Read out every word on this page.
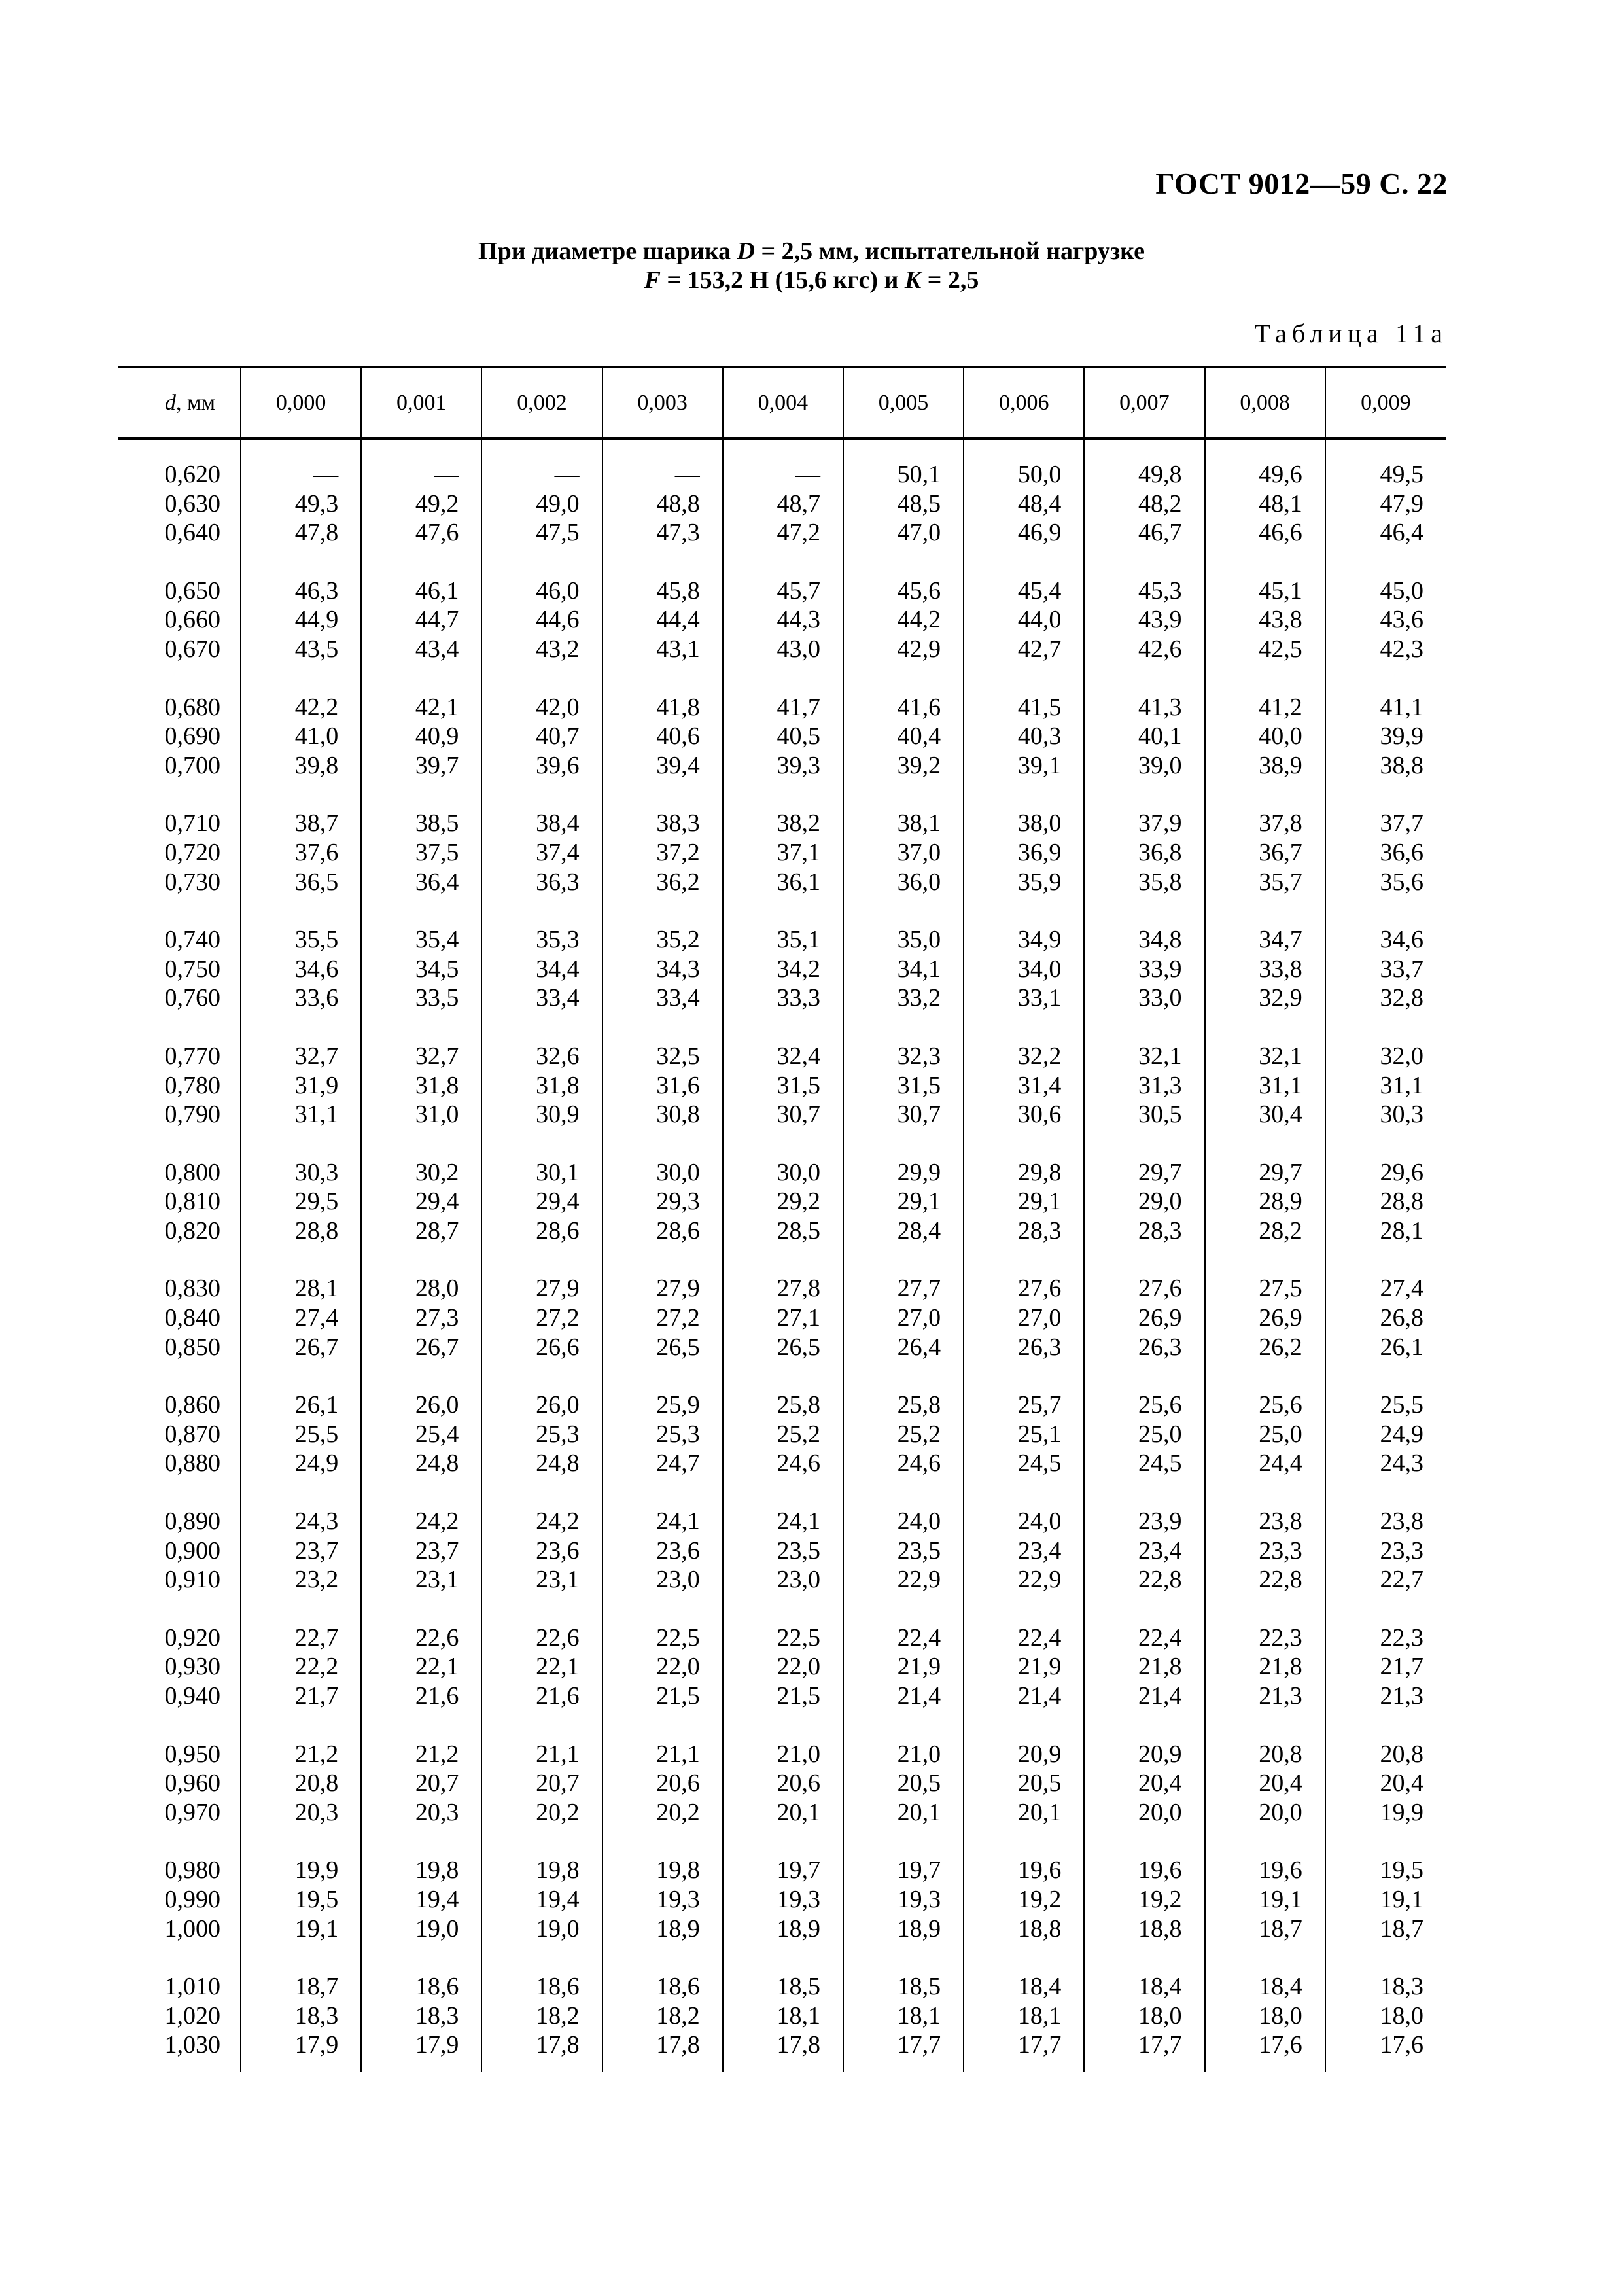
ГОСТ 9012—59 С. 22
При диаметре шарика D = 2,5 мм, испытательной нагрузке
F = 153,2 Н (15,6 кгс) и K = 2,5
Таблица 11а
d, мм	0,000	0,001	0,002	0,003	0,004	0,005	0,006	0,007	0,008	0,009
0,620	—	—	—	—	—	50,1	50,0	49,8	49,6	49,5
0,630	49,3	49,2	49,0	48,8	48,7	48,5	48,4	48,2	48,1	47,9
0,640	47,8	47,6	47,5	47,3	47,2	47,0	46,9	46,7	46,6	46,4
0,650	46,3	46,1	46,0	45,8	45,7	45,6	45,4	45,3	45,1	45,0
0,660	44,9	44,7	44,6	44,4	44,3	44,2	44,0	43,9	43,8	43,6
0,670	43,5	43,4	43,2	43,1	43,0	42,9	42,7	42,6	42,5	42,3
0,680	42,2	42,1	42,0	41,8	41,7	41,6	41,5	41,3	41,2	41,1
0,690	41,0	40,9	40,7	40,6	40,5	40,4	40,3	40,1	40,0	39,9
0,700	39,8	39,7	39,6	39,4	39,3	39,2	39,1	39,0	38,9	38,8
0,710	38,7	38,5	38,4	38,3	38,2	38,1	38,0	37,9	37,8	37,7
0,720	37,6	37,5	37,4	37,2	37,1	37,0	36,9	36,8	36,7	36,6
0,730	36,5	36,4	36,3	36,2	36,1	36,0	35,9	35,8	35,7	35,6
0,740	35,5	35,4	35,3	35,2	35,1	35,0	34,9	34,8	34,7	34,6
0,750	34,6	34,5	34,4	34,3	34,2	34,1	34,0	33,9	33,8	33,7
0,760	33,6	33,5	33,4	33,4	33,3	33,2	33,1	33,0	32,9	32,8
0,770	32,7	32,7	32,6	32,5	32,4	32,3	32,2	32,1	32,1	32,0
0,780	31,9	31,8	31,8	31,6	31,5	31,5	31,4	31,3	31,1	31,1
0,790	31,1	31,0	30,9	30,8	30,7	30,7	30,6	30,5	30,4	30,3
0,800	30,3	30,2	30,1	30,0	30,0	29,9	29,8	29,7	29,7	29,6
0,810	29,5	29,4	29,4	29,3	29,2	29,1	29,1	29,0	28,9	28,8
0,820	28,8	28,7	28,6	28,6	28,5	28,4	28,3	28,3	28,2	28,1
0,830	28,1	28,0	27,9	27,9	27,8	27,7	27,6	27,6	27,5	27,4
0,840	27,4	27,3	27,2	27,2	27,1	27,0	27,0	26,9	26,9	26,8
0,850	26,7	26,7	26,6	26,5	26,5	26,4	26,3	26,3	26,2	26,1
0,860	26,1	26,0	26,0	25,9	25,8	25,8	25,7	25,6	25,6	25,5
0,870	25,5	25,4	25,3	25,3	25,2	25,2	25,1	25,0	25,0	24,9
0,880	24,9	24,8	24,8	24,7	24,6	24,6	24,5	24,5	24,4	24,3
0,890	24,3	24,2	24,2	24,1	24,1	24,0	24,0	23,9	23,8	23,8
0,900	23,7	23,7	23,6	23,6	23,5	23,5	23,4	23,4	23,3	23,3
0,910	23,2	23,1	23,1	23,0	23,0	22,9	22,9	22,8	22,8	22,7
0,920	22,7	22,6	22,6	22,5	22,5	22,4	22,4	22,4	22,3	22,3
0,930	22,2	22,1	22,1	22,0	22,0	21,9	21,9	21,8	21,8	21,7
0,940	21,7	21,6	21,6	21,5	21,5	21,4	21,4	21,4	21,3	21,3
0,950	21,2	21,2	21,1	21,1	21,0	21,0	20,9	20,9	20,8	20,8
0,960	20,8	20,7	20,7	20,6	20,6	20,5	20,5	20,4	20,4	20,4
0,970	20,3	20,3	20,2	20,2	20,1	20,1	20,1	20,0	20,0	19,9
0,980	19,9	19,8	19,8	19,8	19,7	19,7	19,6	19,6	19,6	19,5
0,990	19,5	19,4	19,4	19,3	19,3	19,3	19,2	19,2	19,1	19,1
1,000	19,1	19,0	19,0	18,9	18,9	18,9	18,8	18,8	18,7	18,7
1,010	18,7	18,6	18,6	18,6	18,5	18,5	18,4	18,4	18,4	18,3
1,020	18,3	18,3	18,2	18,2	18,1	18,1	18,1	18,0	18,0	18,0
1,030	17,9	17,9	17,8	17,8	17,8	17,7	17,7	17,7	17,6	17,6
